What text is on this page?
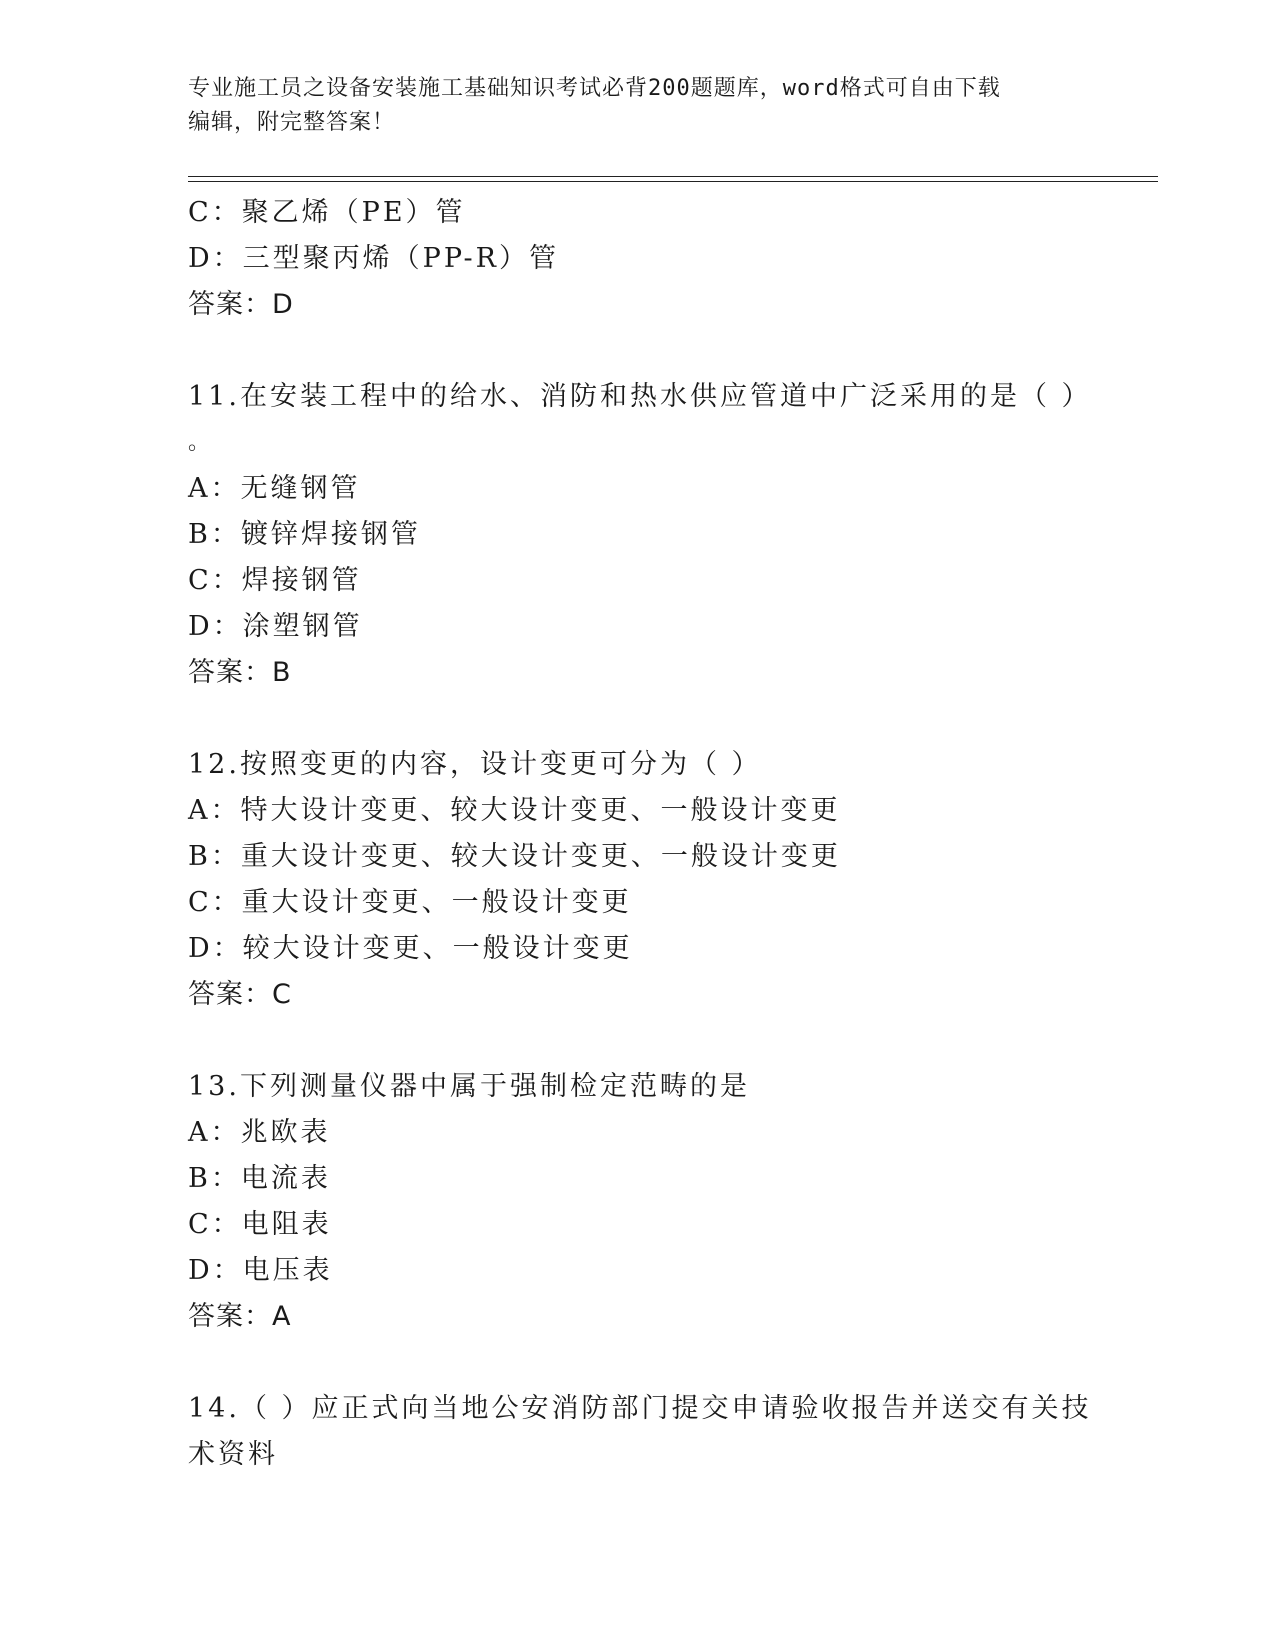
专业施工员之设备安装施工基础知识考试必背200题题库，word格式可自由下载
编辑，附完整答案！
C：聚乙烯（PE）管
D：三型聚丙烯（PP-R）管
答案：D
11.在安装工程中的给水、消防和热水供应管道中广泛采用的是（ ）
。
A：无缝钢管
B：镀锌焊接钢管
C：焊接钢管
D：涂塑钢管
答案：B
12.按照变更的内容，设计变更可分为（ ）
A：特大设计变更、较大设计变更、一般设计变更
B：重大设计变更、较大设计变更、一般设计变更
C：重大设计变更、一般设计变更
D：较大设计变更、一般设计变更
答案：C
13.下列测量仪器中属于强制检定范畴的是
A：兆欧表
B：电流表
C：电阻表
D：电压表
答案：A
14.（ ）应正式向当地公安消防部门提交申请验收报告并送交有关技
术资料
